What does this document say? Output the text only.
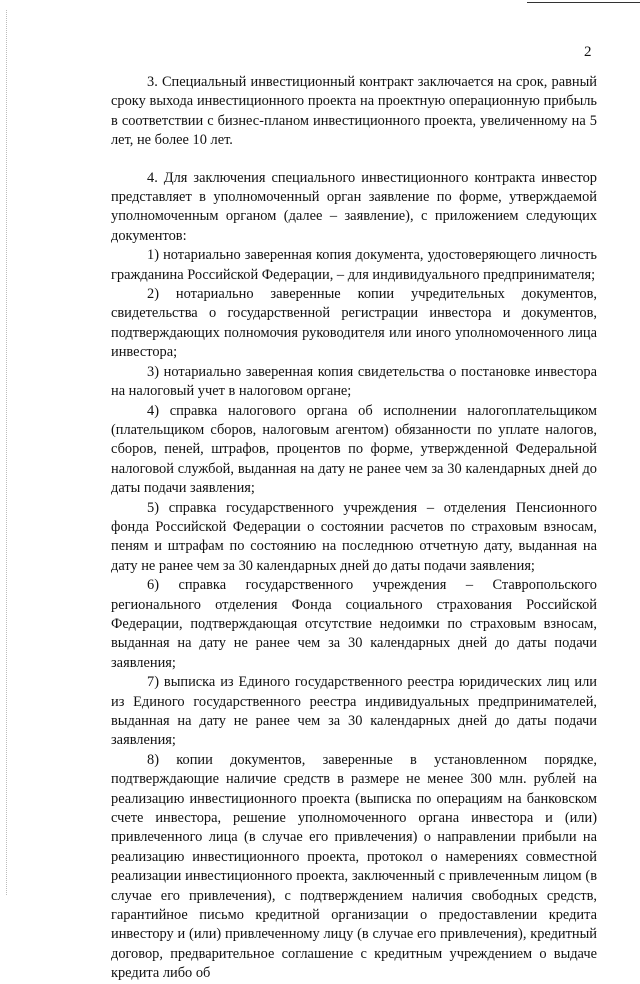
2

3. Специальный инвестиционный контракт заключается на срок, равный сроку выхода инвестиционного проекта на проектную операционную прибыль в соответствии с бизнес-планом инвестиционного проекта, увеличенному на 5 лет, не более 10 лет.

4. Для заключения специального инвестиционного контракта инвестор представляет в уполномоченный орган заявление по форме, утверждаемой уполномоченным органом (далее – заявление), с приложением следующих документов:

1) нотариально заверенная копия документа, удостоверяющего личность гражданина Российской Федерации, – для индивидуального предпринимателя;

2) нотариально заверенные копии учредительных документов, свидетельства о государственной регистрации инвестора и документов, подтверждающих полномочия руководителя или иного уполномоченного лица инвестора;

3) нотариально заверенная копия свидетельства о постановке инвестора на налоговый учет в налоговом органе;

4) справка налогового органа об исполнении налогоплательщиком (плательщиком сборов, налоговым агентом) обязанности по уплате налогов, сборов, пеней, штрафов, процентов по форме, утвержденной Федеральной налоговой службой, выданная на дату не ранее чем за 30 календарных дней до даты подачи заявления;

5) справка государственного учреждения – отделения Пенсионного фонда Российской Федерации о состоянии расчетов по страховым взносам, пеням и штрафам по состоянию на последнюю отчетную дату, выданная на дату не ранее чем за 30 календарных дней до даты подачи заявления;

6) справка государственного учреждения – Ставропольского регионального отделения Фонда социального страхования Российской Федерации, подтверждающая отсутствие недоимки по страховым взносам, выданная на дату не ранее чем за 30 календарных дней до даты подачи заявления;

7) выписка из Единого государственного реестра юридических лиц или из Единого государственного реестра индивидуальных предпринимателей, выданная на дату не ранее чем за 30 календарных дней до даты подачи заявления;

8) копии документов, заверенные в установленном порядке, подтверждающие наличие средств в размере не менее 300 млн. рублей на реализацию инвестиционного проекта (выписка по операциям на банковском счете инвестора, решение уполномоченного органа инвестора и (или) привлеченного лица (в случае его привлечения) о направлении прибыли на реализацию инвестиционного проекта, протокол о намерениях совместной реализации инвестиционного проекта, заключенный с привлеченным лицом (в случае его привлечения), с подтверждением наличия свободных средств, гарантийное письмо кредитной организации о предоставлении кредита инвестору и (или) привлеченному лицу (в случае его привлечения), кредитный договор, предварительное соглашение с кредитным учреждением о выдаче кредита либо об
